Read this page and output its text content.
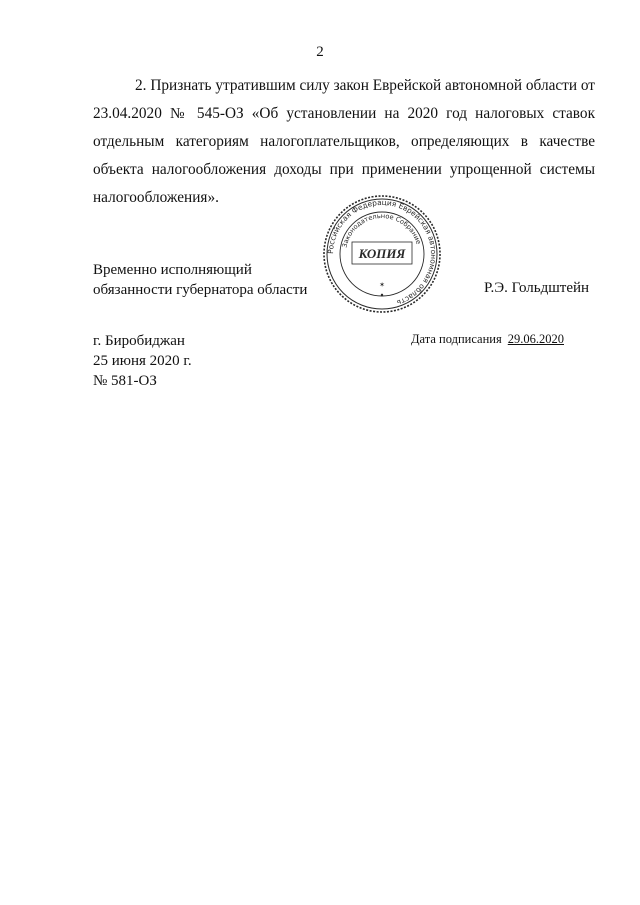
2

2. Признать утратившим силу закон Еврейской автономной области от 23.04.2020 № 545-ОЗ «Об установлении на 2020 год налоговых ставок отдельным категориям налогоплательщиков, определяющих в качестве объекта налогообложения доходы при применении упрощенной системы налогообложения».

Временно исполняющий
обязанности губернатора области	Р.Э. Гольдштейн
Российская Федерация Еврейская автономная область
Законодательное Собрание
КОПИЯ
✶
•
г. Биробиджан
25 июня 2020 г.
№ 581-ОЗ
Дата подписания 29.06.2020
